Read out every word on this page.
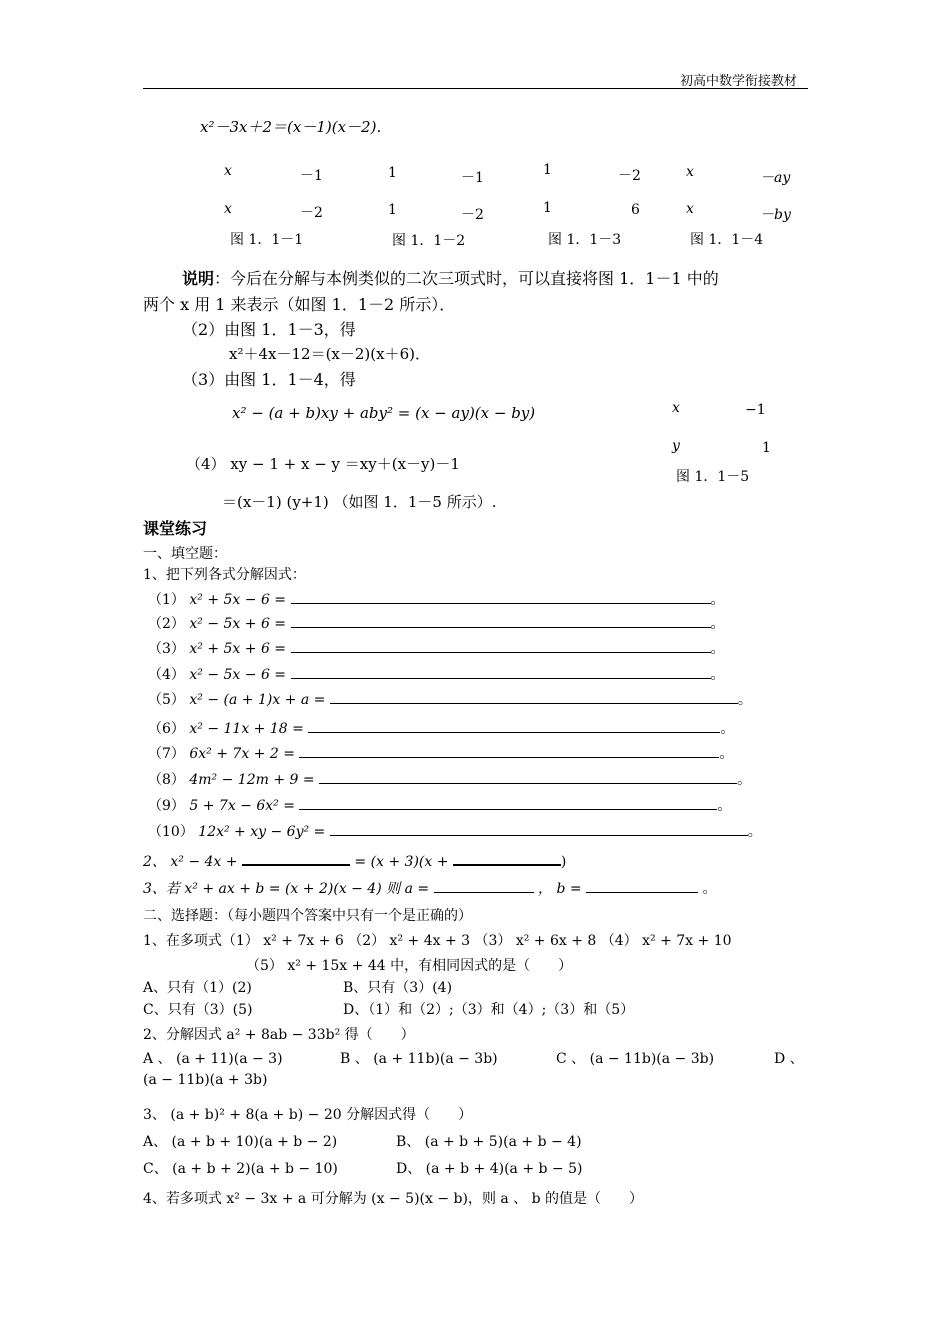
初高中数学衔接教材
x²－3x＋2＝(x－1)(x－2)．
x	－1
x	－2
图 1．1－1
1	－1
1	－2
图 1．1－2
1	－2
1	6
图 1．1－3
x	－ay
x	－by
图 1．1－4
说明：今后在分解与本例类似的二次三项式时，可以直接将图 1．1－1 中的
两个 x 用 1 来表示（如图 1．1－2 所示）．
（2）由图 1．1－3，得
x²＋4x－12＝(x－2)(x＋6)．
（3）由图 1．1－4，得
x² − (a + b)xy + aby² = (x − ay)(x − by)	x	−1
y	1
图 1．1－5
（4） xy − 1 + x − y ＝xy＋(x－y)－1
＝(x－1) (y+1) （如图 1．1－5 所示）.
课堂练习
一、填空题：
1、把下列各式分解因式：
（1） x² + 5x − 6 =	。
（2） x² − 5x + 6 =	。
（3） x² + 5x + 6 =	。
（4） x² − 5x − 6 =	。
（5） x² − (a + 1)x + a =	。
（6） x² − 11x + 18 =	。
（7） 6x² + 7x + 2 =	。
（8） 4m² − 12m + 9 =	。
（9） 5 + 7x − 6x² =	。
（10） 12x² + xy − 6y² =	。
2、 x² − 4x +	= (x + 3)(x +	)
3、若 x² + ax + b = (x + 2)(x − 4) 则 a =	， b =	。
二、选择题：（每小题四个答案中只有一个是正确的）
1、在多项式（1） x² + 7x + 6 （2） x² + 4x + 3 （3） x² + 6x + 8 （4） x² + 7x + 10
（5） x² + 15x + 44 中，有相同因式的是（　　）
A、只有（1）(2)	B、只有（3）(4)
C、只有（3）(5)	D、（1）和（2）;（3）和（4）;（3）和（5）
2、分解因式 a² + 8ab − 33b² 得（　　）
A 、 (a + 11)(a − 3)	B 、 (a + 11b)(a − 3b)	C 、 (a − 11b)(a − 3b)	D 、
(a − 11b)(a + 3b)
3、 (a + b)² + 8(a + b) − 20 分解因式得（　　）
A、 (a + b + 10)(a + b − 2)	B、 (a + b + 5)(a + b − 4)
C、 (a + b + 2)(a + b − 10)	D、 (a + b + 4)(a + b − 5)
4、若多项式 x² − 3x + a 可分解为 (x − 5)(x − b)，则 a 、 b 的值是（　　）
